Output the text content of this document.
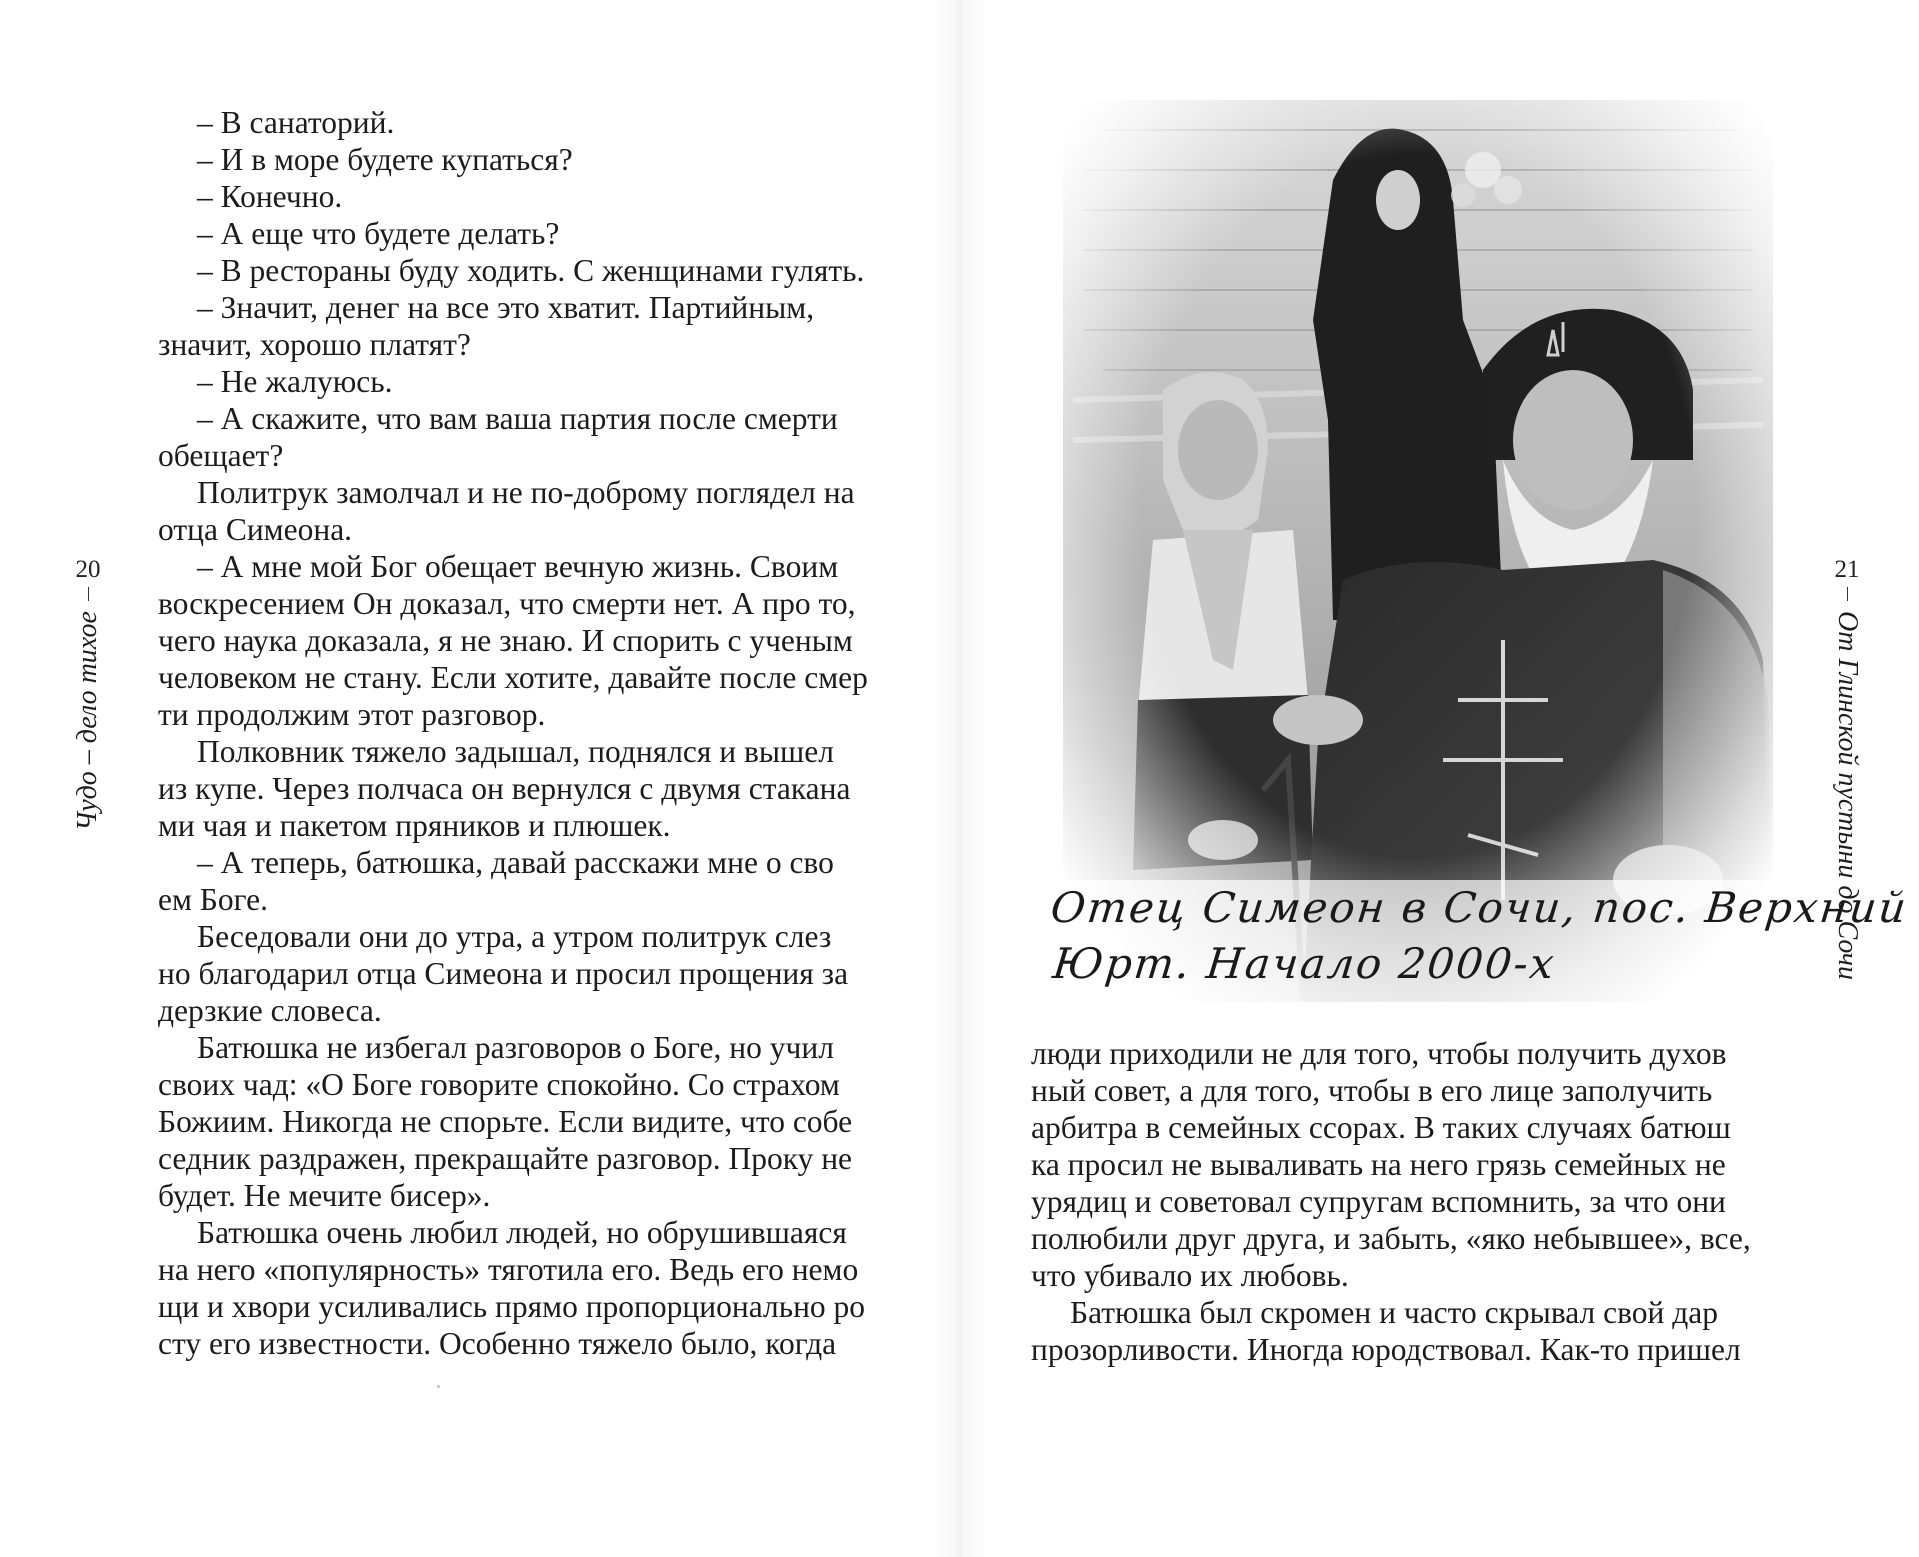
20
Чудо – дело тихое
– В санаторий.
– И в море будете купаться?
– Конечно.
– А еще что будете делать?
– В рестораны буду ходить. С женщинами гулять.
– Значит, денег на все это хватит. Партийным,
значит, хорошо платят?
– Не жалуюсь.
– А скажите, что вам ваша партия после смерти
обещает?
Политрук замолчал и не по-доброму поглядел на
отца Симеона.
– А мне мой Бог обещает вечную жизнь. Своим
воскресением Он доказал, что смерти нет. А про то,
чего наука доказала, я не знаю. И спорить с ученым
человеком не стану. Если хотите, давайте после смер
ти продолжим этот разговор.
Полковник тяжело задышал, поднялся и вышел
из купе. Через полчаса он вернулся с двумя стакана
ми чая и пакетом пряников и плюшек.
– А теперь, батюшка, давай расскажи мне о сво
ем Боге.
Беседовали они до утра, а утром политрук слез
но благодарил отца Симеона и просил прощения за
дерзкие словеса.
Батюшка не избегал разговоров о Боге, но учил
своих чад: «О Боге говорите спокойно. Со страхом
Божиим. Никогда не спорьте. Если видите, что собе
седник раздражен, прекращайте разговор. Проку не
будет. Не мечите бисер».
Батюшка очень любил людей, но обрушившаяся
на него «популярность» тяготила его. Ведь его немо
щи и хвори усиливались прямо пропорционально ро
сту его известности. Особенно тяжело было, когда
21
От Глинской пустыни до Сочи
Отец Симеон в Сочи, пос. Верхний
Юрт. Начало 2000-х
люди приходили не для того, чтобы получить духов
ный совет, а для того, чтобы в его лице заполучить
арбитра в семейных ссорах. В таких случаях батюш
ка просил не вываливать на него грязь семейных не
урядиц и советовал супругам вспомнить, за что они
полюбили друг друга, и забыть, «яко небывшее», все,
что убивало их любовь.
Батюшка был скромен и часто скрывал свой дар
прозорливости. Иногда юродствовал. Как-то пришел
